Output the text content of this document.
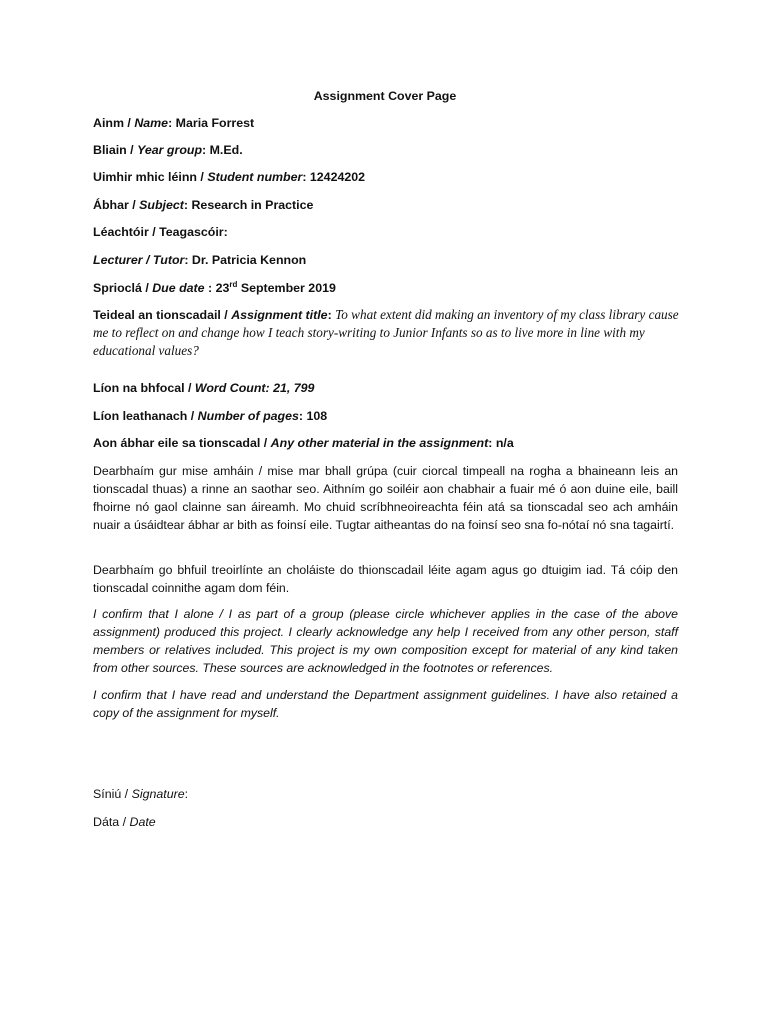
Assignment Cover Page
Ainm / Name: Maria Forrest
Bliain / Year group: M.Ed.
Uimhir mhic léinn / Student number: 12424202
Ábhar / Subject: Research in Practice
Léachtóir / Teagascóir:
Lecturer / Tutor: Dr. Patricia Kennon
Sprioclá / Due date : 23rd September 2019
Teideal an tionscadail / Assignment title: To what extent did making an inventory of my class library cause me to reflect on and change how I teach story-writing to Junior Infants so as to live more in line with my educational values?
Líon na bhfocal / Word Count: 21, 799
Líon leathanach / Number of pages: 108
Aon ábhar eile sa tionscadal / Any other material in the assignment: n/a
Dearbhaím gur mise amháin / mise mar bhall grúpa (cuir ciorcal timpeall na rogha a bhaineann leis an tionscadal thuas) a rinne an saothar seo. Aithním go soiléir aon chabhair a fuair mé ó aon duine eile, baill fhoirne nó gaol clainne san áireamh. Mo chuid scríbhneoireachta féin atá sa tionscadal seo ach amháin nuair a úsáidtear ábhar ar bith as foinsí eile. Tugtar aitheantas do na foinsí seo sna fo-nótaí nó sna tagairtí.
Dearbhaím go bhfuil treoirlínte an choláiste do thionscadail léite agam agus go dtuigim iad. Tá cóip den tionscadal coinnithe agam dom féin.
I confirm that I alone / I as part of a group (please circle whichever applies in the case of the above assignment) produced this project. I clearly acknowledge any help I received from any other person, staff members or relatives included. This project is my own composition except for material of any kind taken from other sources. These sources are acknowledged in the footnotes or references.
I confirm that I have read and understand the Department assignment guidelines. I have also retained a copy of the assignment for myself.
Síniú / Signature:
Dáta / Date
